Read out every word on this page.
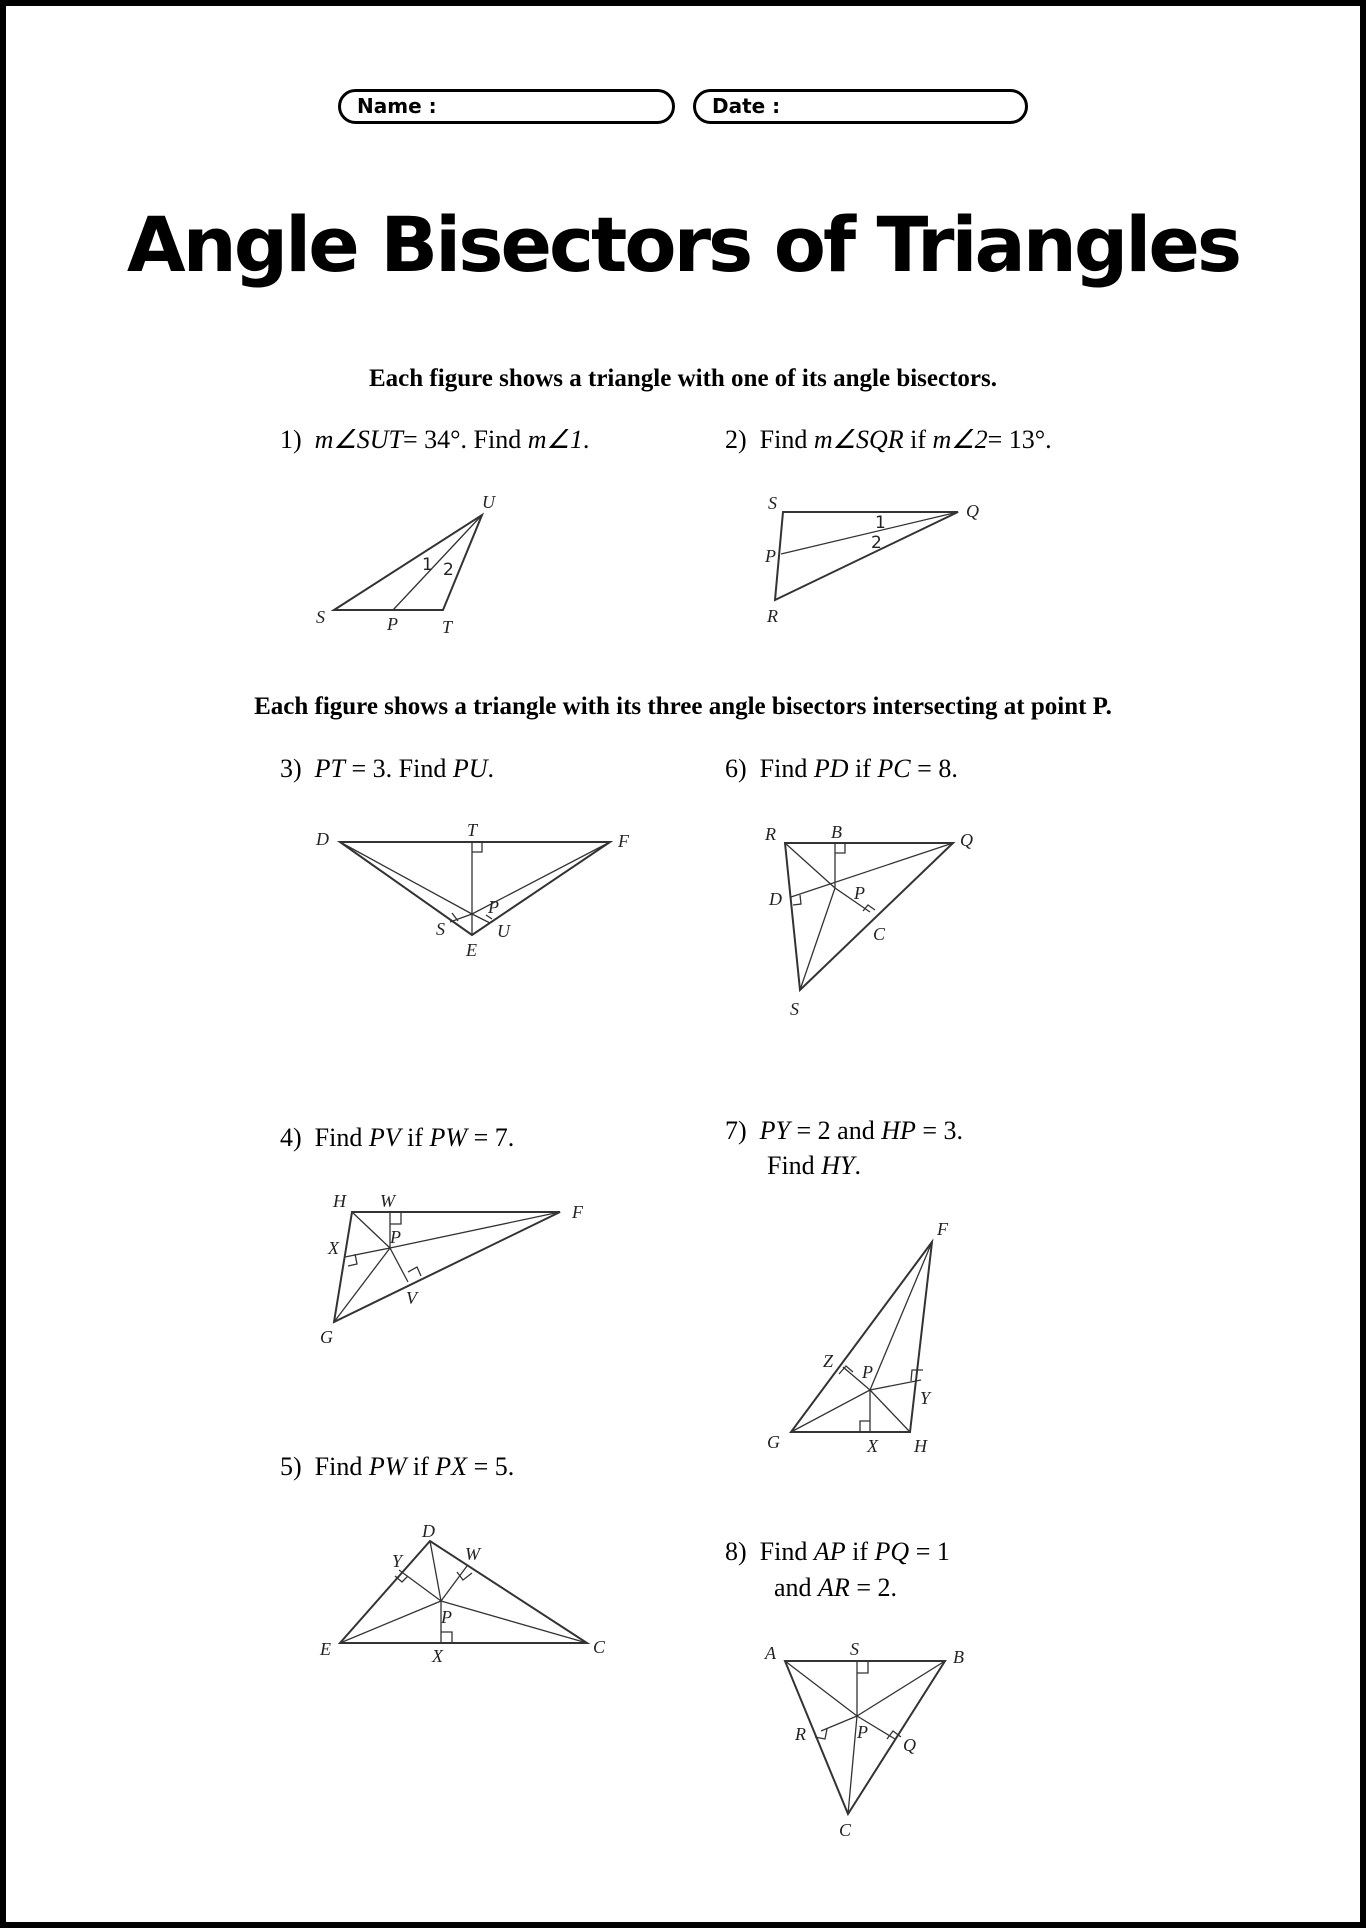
Name :	Date :
Angle Bisectors of Triangles
Each figure shows a triangle with one of its angle bisectors.
Each figure shows a triangle with its three angle bisectors intersecting at point P.
1) m∠SUT= 34°. Find m∠1.	2) Find m∠SQR if m∠2= 13°.
3) PT = 3. Find PU.	6) Find PD if PC = 8.
4) Find PV if PW = 7.	7) PY = 2 and HP = 3.
Find HY.
5) Find PW if PX = 5.
8) Find AP if PQ = 1
and AR = 2.
U
S	P T
1 2
S	Q
P
R
1
2
D	T
F
P
S	U
E
R	B	Q
D	P
C
S
H W
F
X
P
V
G
F
Z
P
Y
G	X H
D
Y	W
P
E	X	C	A	S	B
R	P
Q
C
